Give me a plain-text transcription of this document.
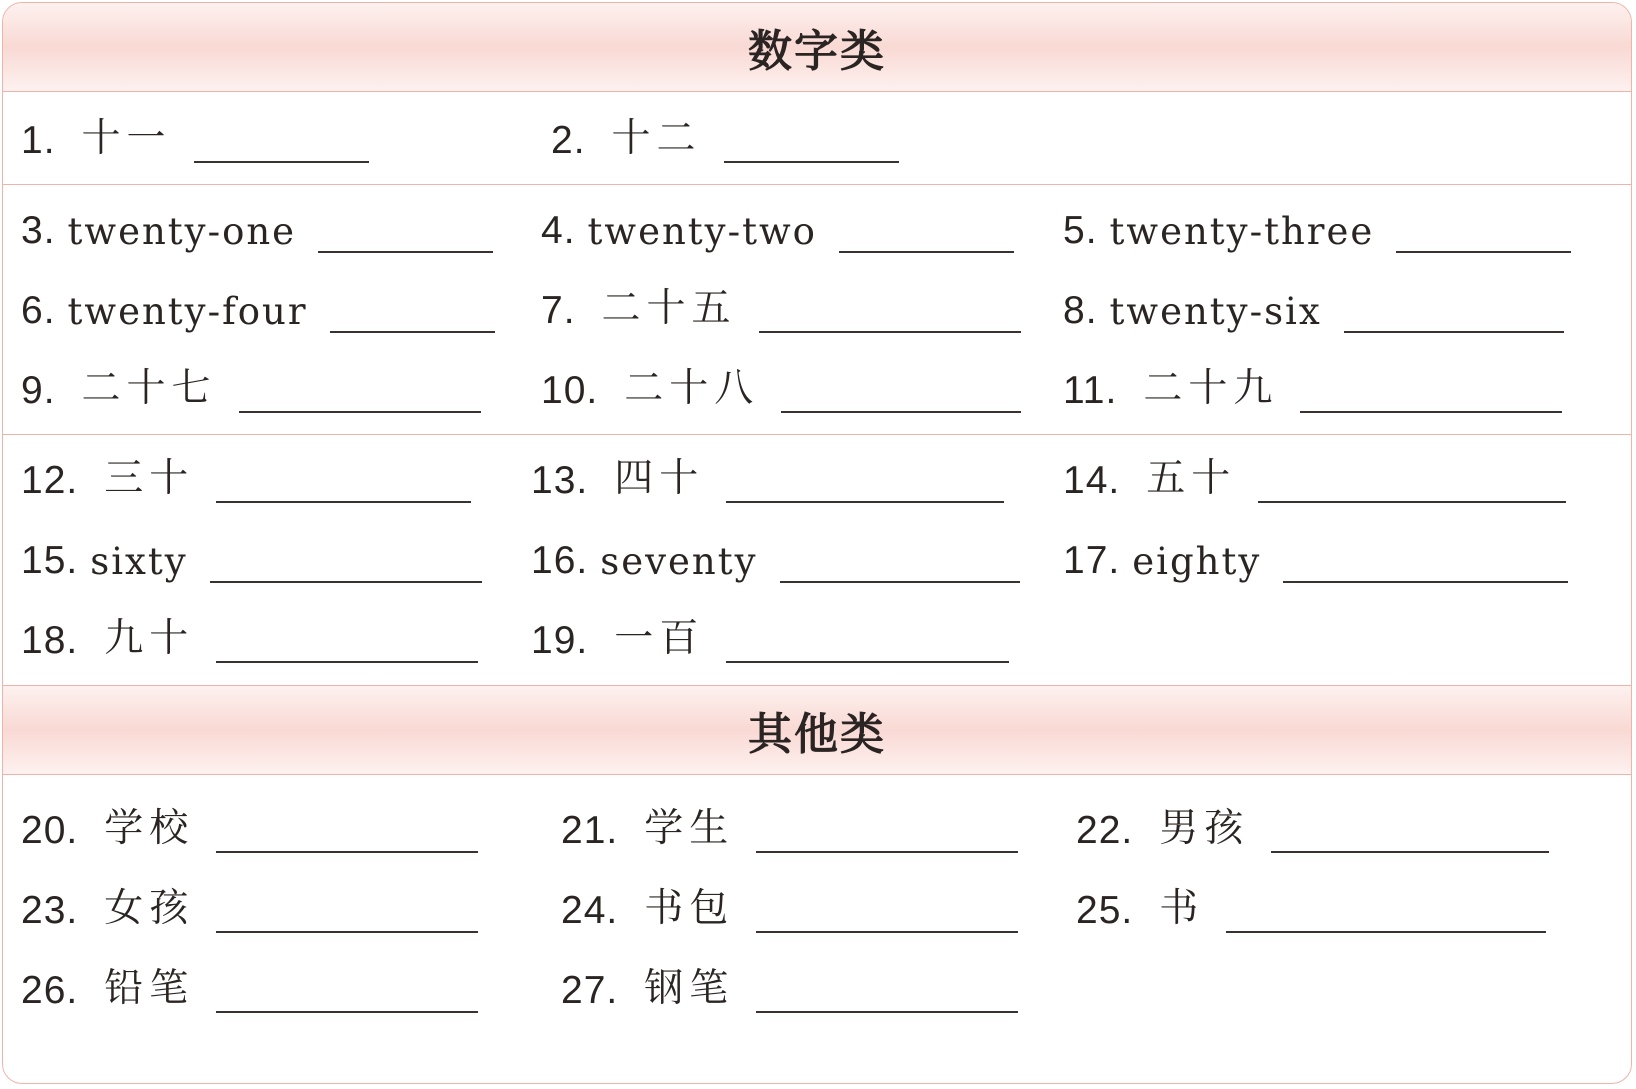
数字类
1. 十一	2. 十二
3. twenty-one	4. twenty-two	5. twenty-three
6. twenty-four	7. 二十五	8. twenty-six
9. 二十七	10. 二十八	11. 二十九
12. 三十	13. 四十	14. 五十
15. sixty	16. seventy	17. eighty
18. 九十	19. 一百
其他类
20. 学校	21. 学生	22. 男孩
23. 女孩	24. 书包	25. 书
26. 铅笔	27. 钢笔
